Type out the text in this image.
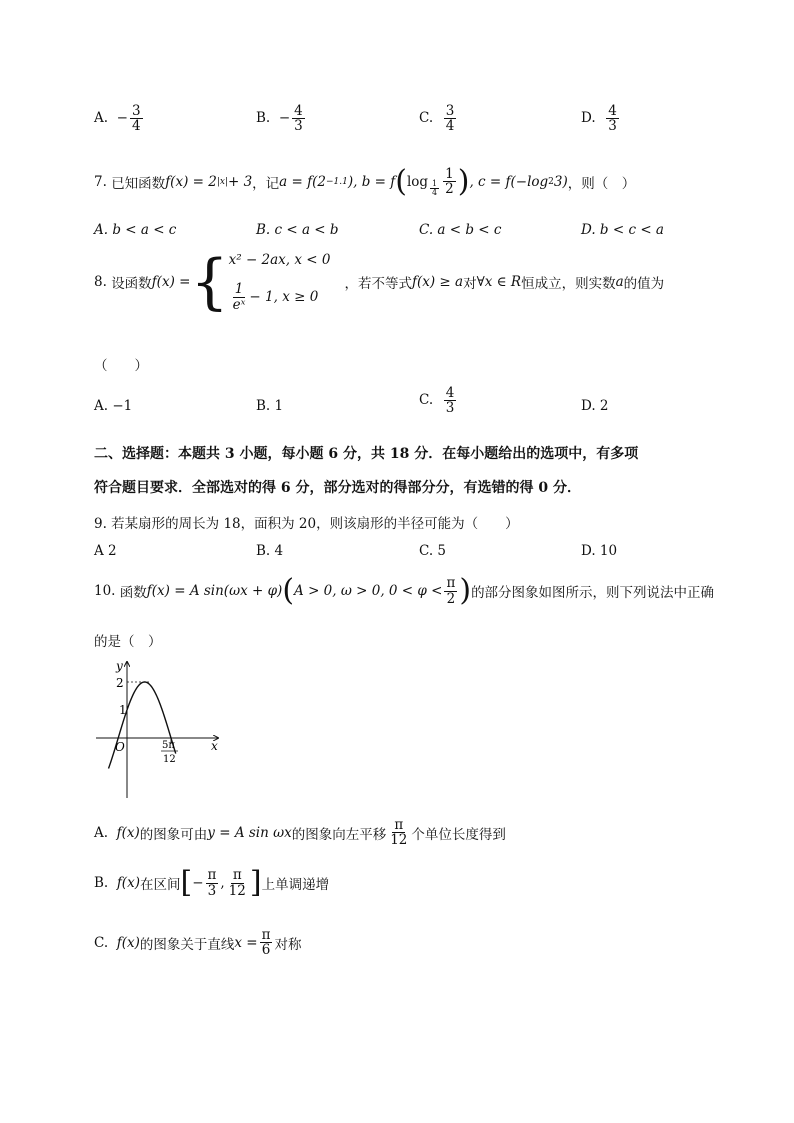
A. − $\frac{3}{4}$	B. − $\frac{4}{3}$	C. $\frac{3}{4}$	D. $\frac{4}{3}$
7.
已知函数 f(x) = 2 |x| + 3 ，记 a = f(2 −1.1 ) , b = f ( $\log \frac{1}{4} \frac{1}{2}$ ) , c = f(−log 2 3) ，则（　）
A. b < a < c	B. c < a < b	C. a < b < c	D. b < c < a
8.
设函数 f(x) = { x² − 2ax, x < 0
$\frac{1}{\text{eˣ}} - 1$, x ≥ 0
，若不等式 f(x) ≥ a 对 ∀x ∈ R 恒成立，则实数 a 的值为
（　　）
A. −1	B. 1	C. $\frac{4}{3}$	D. 2
二、选择题：本题共 3 小题，每小题 6 分，共 18 分．在每小题给出的选项中，有多项
符合题目要求．全部选对的得 6 分，部分选对的得部分分，有选错的得 0 分．
9. 若某扇形的周长为 18，面积为 20，则该扇形的半径可能为（　　）
A 2	B. 4	C. 5	D. 10
10.
函数 f(x) = A sin(ωx + φ) ( A > 0, ω > 0, $0 < \varphi < \frac{\pi}{2}$ ) 的部分图象如图所示，则下列说法中正确
的是（　）
y
x
O
2
1
5π
12
A.
f(x) 的图象可由 y = A sin ωx 的图象向左平移 $\frac{\pi}{12}$ 个单位长度得到
B.
f(x) 在区间 [ − $\frac{\pi}{3}$ , $\frac{\pi}{12}$ ] 上单调递增
C.
f(x) 的图象关于直线 $x = \frac{\pi}{6}$ 对称
